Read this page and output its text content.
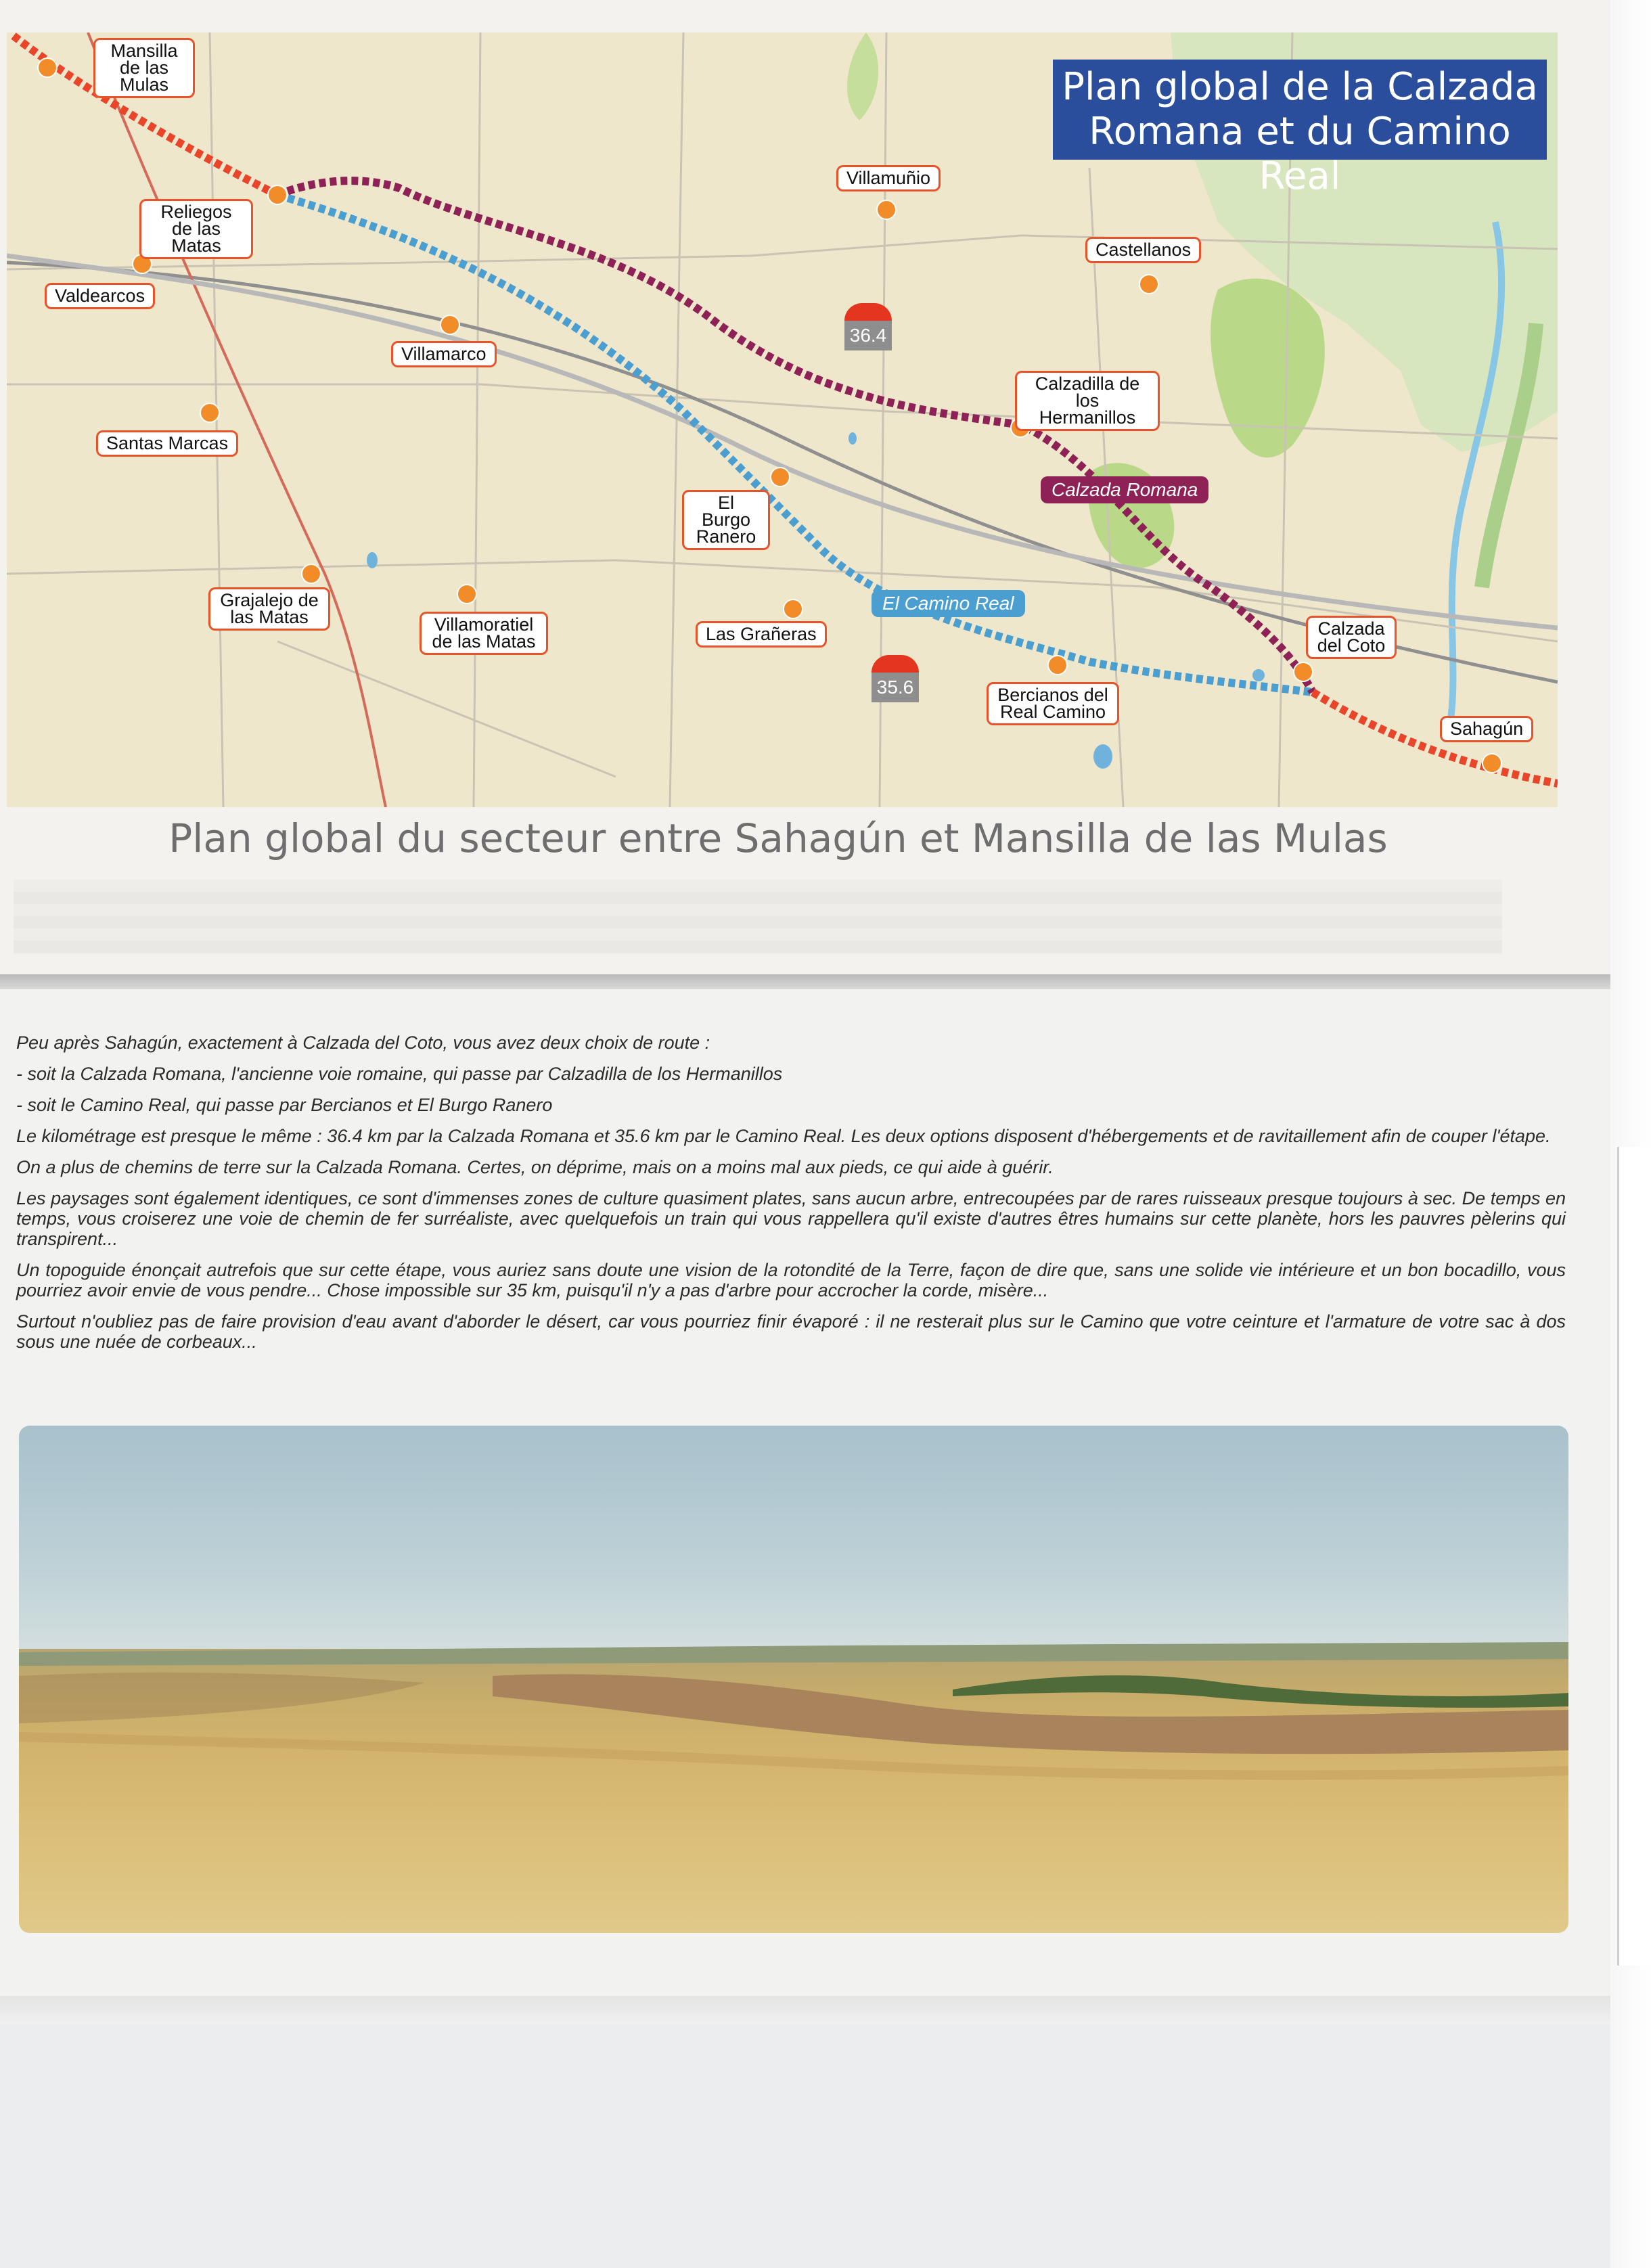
Plan global de la Calzada Romana et du Camino Real
Mansilla de las Mulas
Reliegos de las Matas
Valdearcos
Villamarco
Santas Marcas
Villamuñio
Castellanos
Calzadilla de los Hermanillos
El Burgo Ranero
Grajalejo de las Matas	Villamoratiel de las Matas	Las Grañeras
Bercianos del Real Camino
Calzada del Coto
Sahagún
Calzada Romana
El Camino Real
36.4
35.6
Plan global du secteur entre Sahagún et Mansilla de las Mulas

Peu après Sahagún, exactement à Calzada del Coto, vous avez deux choix de route :

- soit la Calzada Romana, l'ancienne voie romaine, qui passe par Calzadilla de los Hermanillos

- soit le Camino Real, qui passe par Bercianos et El Burgo Ranero

Le kilométrage est presque le même : 36.4 km par la Calzada Romana et 35.6 km par le Camino Real. Les deux options disposent d'hébergements et de ravitaillement afin de couper l'étape.

On a plus de chemins de terre sur la Calzada Romana. Certes, on déprime, mais on a moins mal aux pieds, ce qui aide à guérir.

Les paysages sont également identiques, ce sont d'immenses zones de culture quasiment plates, sans aucun arbre, entrecoupées par de rares ruisseaux presque toujours à sec. De temps en temps, vous croiserez une voie de chemin de fer surréaliste, avec quelquefois un train qui vous rappellera qu'il existe d'autres êtres humains sur cette planète, hors les pauvres pèlerins qui transpirent...

Un topoguide énonçait autrefois que sur cette étape, vous auriez sans doute une vision de la rotondité de la Terre, façon de dire que, sans une solide vie intérieure et un bon bocadillo, vous pourriez avoir envie de vous pendre... Chose impossible sur 35 km, puisqu'il n'y a pas d'arbre pour accrocher la corde, misère...

Surtout n'oubliez pas de faire provision d'eau avant d'aborder le désert, car vous pourriez finir évaporé : il ne resterait plus sur le Camino que votre ceinture et l'armature de votre sac à dos sous une nuée de corbeaux...
